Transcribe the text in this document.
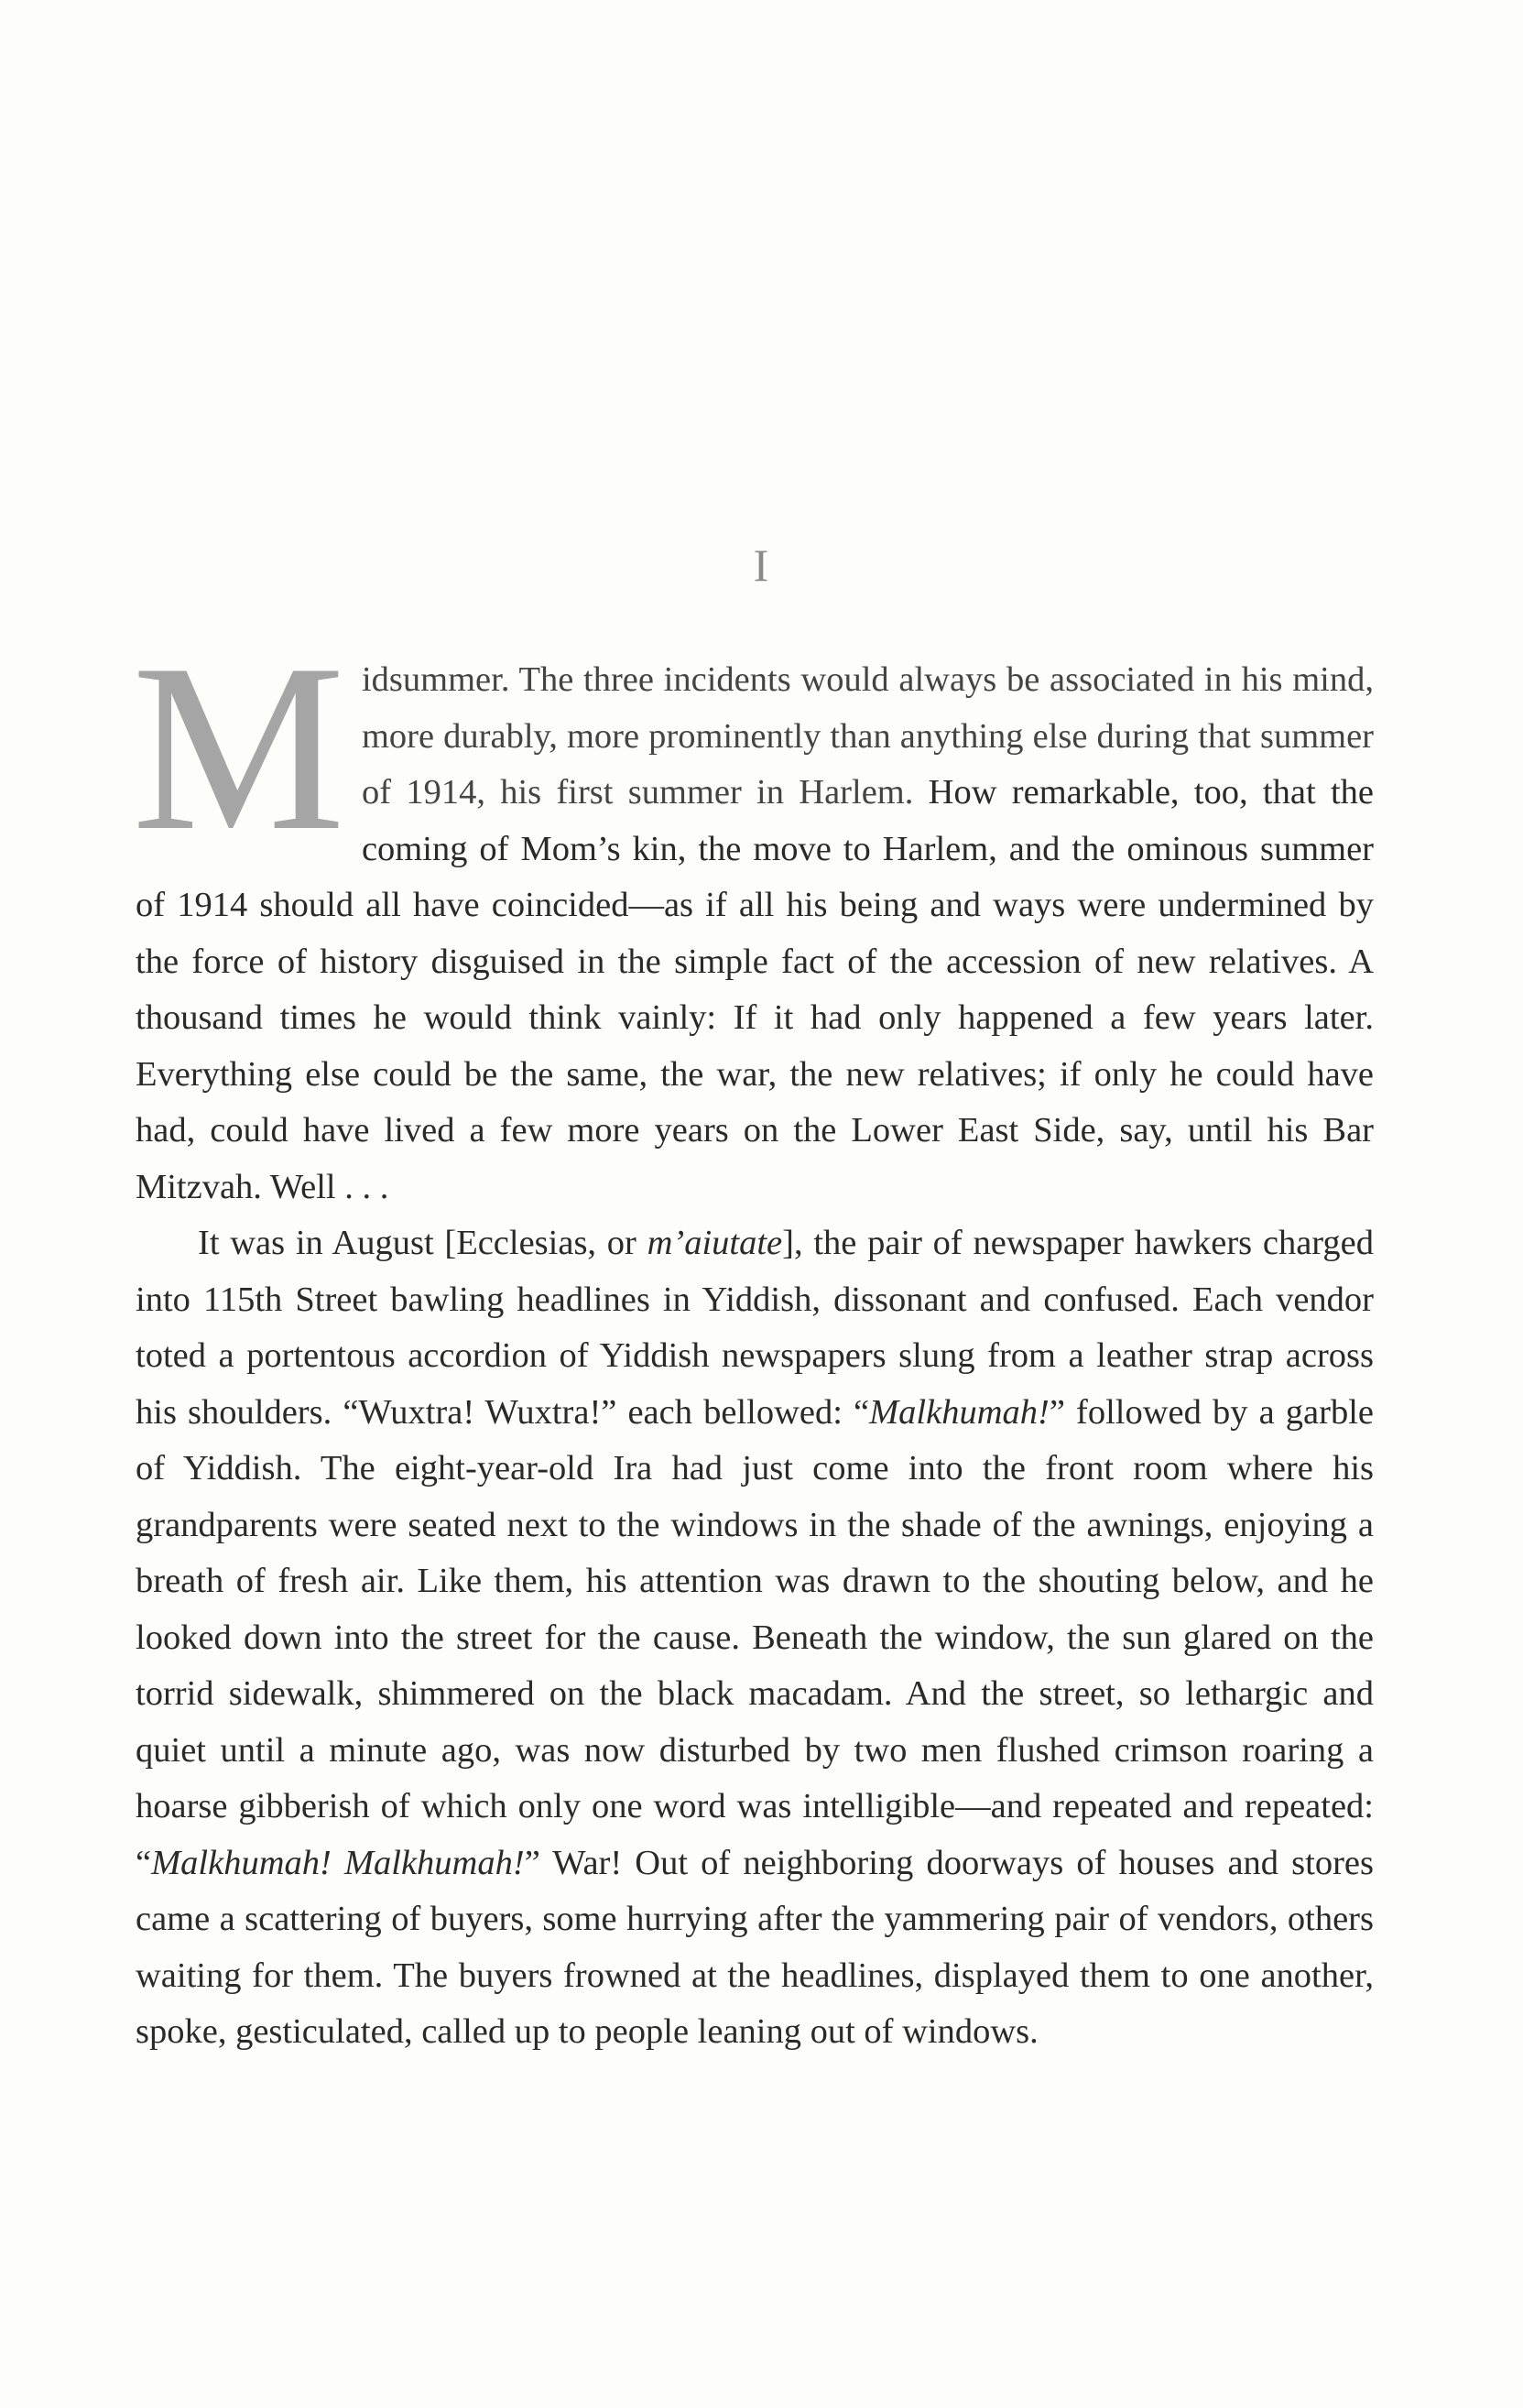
I

Midsummer. The three incidents would always be associated in his mind, more durably, more prominently than anything else during that summer of 1914, his first summer in Harlem. How remarkable, too, that the coming of Mom’s kin, the move to Harlem, and the ominous summer of 1914 should all have coincided—as if all his being and ways were undermined by the force of history disguised in the simple fact of the accession of new relatives. A thousand times he would think vainly: If it had only happened a few years later. Everything else could be the same, the war, the new relatives; if only he could have had, could have lived a few more years on the Lower East Side, say, until his Bar Mitzvah. Well . . .

It was in August [Ecclesias, or m’aiutate], the pair of newspaper hawkers charged into 115th Street bawling headlines in Yiddish, dissonant and confused. Each vendor toted a portentous accordion of Yiddish newspapers slung from a leather strap across his shoulders. “Wuxtra! Wuxtra!” each bellowed: “Malkhumah!” followed by a garble of Yiddish. The eight-year-old Ira had just come into the front room where his grandparents were seated next to the windows in the shade of the awnings, enjoying a breath of fresh air. Like them, his attention was drawn to the shouting below, and he looked down into the street for the cause. Beneath the window, the sun glared on the torrid sidewalk, shimmered on the black macadam. And the street, so lethargic and quiet until a minute ago, was now disturbed by two men flushed crimson roaring a hoarse gibberish of which only one word was intelligible—and repeated and repeated: “Malkhumah! Malkhumah!” War! Out of neighboring doorways of houses and stores came a scattering of buyers, some hurrying after the yammering pair of vendors, others waiting for them. The buyers frowned at the headlines, displayed them to one another, spoke, gesticulated, called up to people leaning out of windows.
